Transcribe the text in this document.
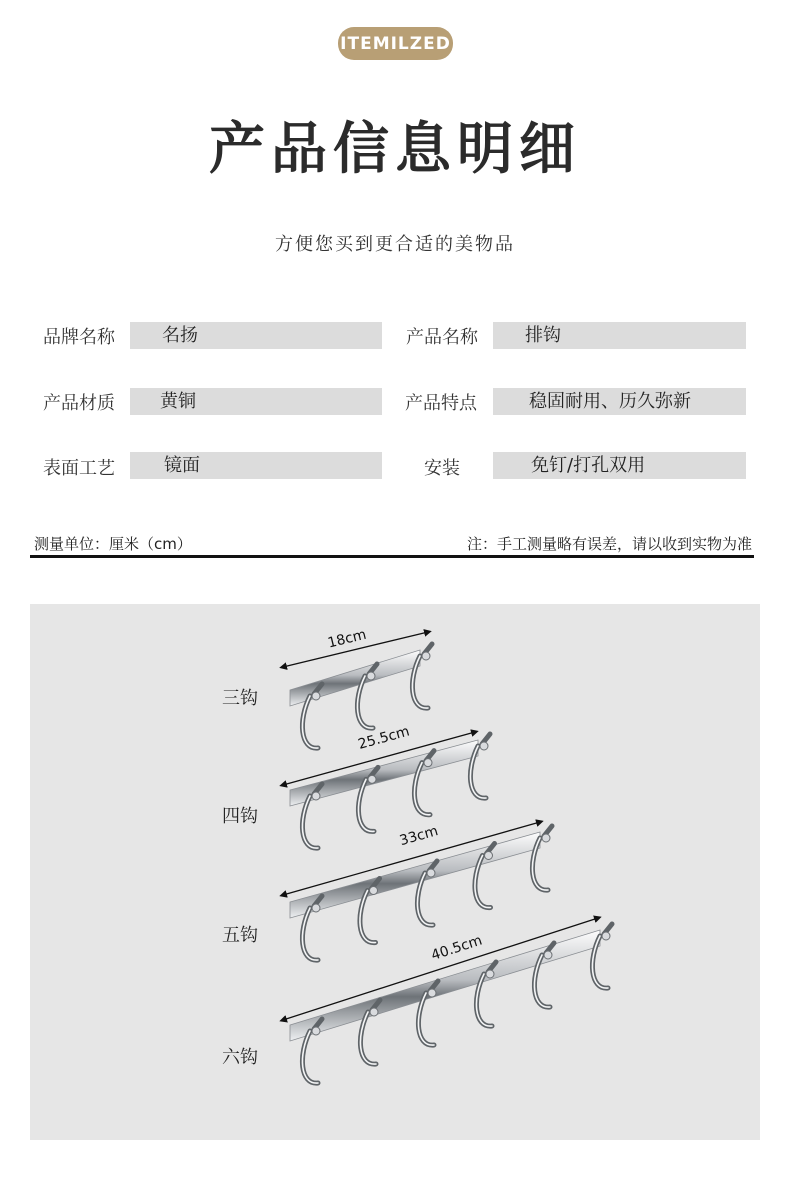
ITEMILZED
产品信息明细
方便您买到更合适的美物品
品牌名称	名扬	产品名称	排钩
产品材质	黄铜	产品特点	稳固耐用、历久弥新
表面工艺	镜面	安装	免钉/打孔双用
测量单位：厘米（cm）	注：手工测量略有误差，请以收到实物为准
三钩
四钩
五钩
六钩
18cm
25.5cm
33cm
40.5cm
